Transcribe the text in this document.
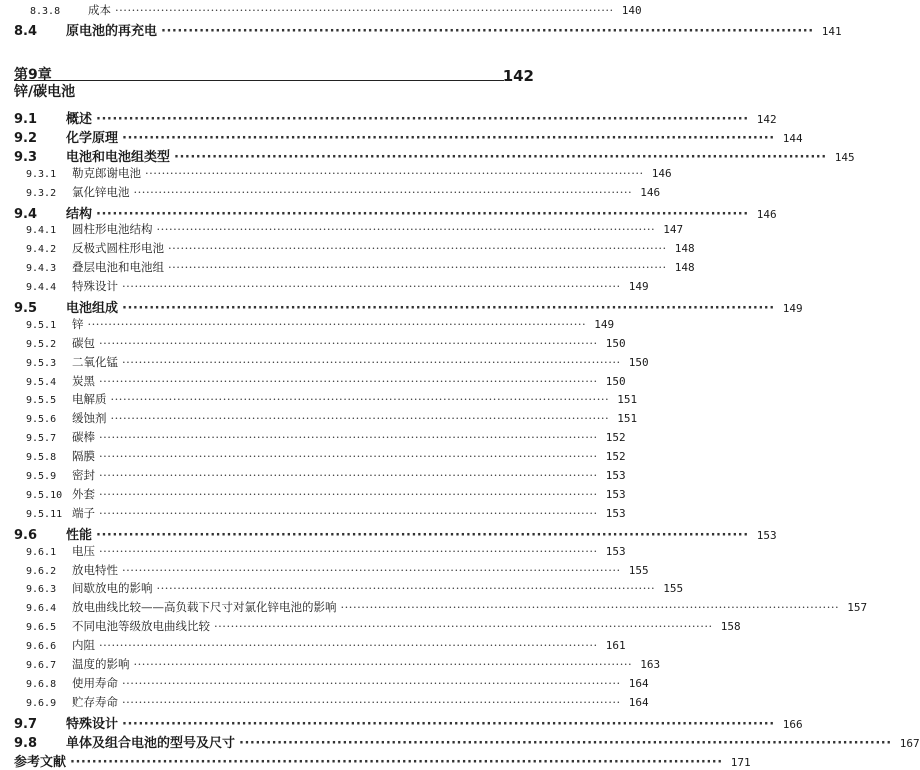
8.3.8	成本 ························································································································ 140
8.4	原电池的再充电 ························································································································ 141
第9章	142
锌/碳电池
9.1	概述 ························································································································ 142
9.2	化学原理 ························································································································ 144
9.3	电池和电池组类型 ························································································································ 145
9.3.1	勒克郎谢电池 ························································································································ 146
9.3.2	氯化锌电池 ························································································································ 146
9.4	结构 ························································································································ 146
9.4.1	圆柱形电池结构 ························································································································ 147
9.4.2	反极式圆柱形电池 ························································································································ 148
9.4.3	叠层电池和电池组 ························································································································ 148
9.4.4	特殊设计 ························································································································ 149
9.5	电池组成 ························································································································ 149
9.5.1	锌 ························································································································ 149
9.5.2	碳包 ························································································································ 150
9.5.3	二氧化锰 ························································································································ 150
9.5.4	炭黑 ························································································································ 150
9.5.5	电解质 ························································································································ 151
9.5.6	缓蚀剂 ························································································································ 151
9.5.7	碳棒 ························································································································ 152
9.5.8	隔膜 ························································································································ 152
9.5.9	密封 ························································································································ 153
9.5.10 外套 ························································································································ 153
9.5.11 端子 ························································································································ 153
9.6	性能 ························································································································ 153
9.6.1	电压 ························································································································ 153
9.6.2	放电特性 ························································································································ 155
9.6.3	间歇放电的影响 ························································································································ 155
9.6.4	放电曲线比较——高负载下尺寸对氯化锌电池的影响 ························································································································ 157
9.6.5	不同电池等级放电曲线比较 ························································································································ 158
9.6.6	内阻 ························································································································ 161
9.6.7	温度的影响 ························································································································ 163
9.6.8	使用寿命 ························································································································ 164
9.6.9	贮存寿命 ························································································································ 164
9.7	特殊设计 ························································································································ 166
9.8	单体及组合电池的型号及尺寸 ························································································································ 167
参考文献 ························································································································ 171
